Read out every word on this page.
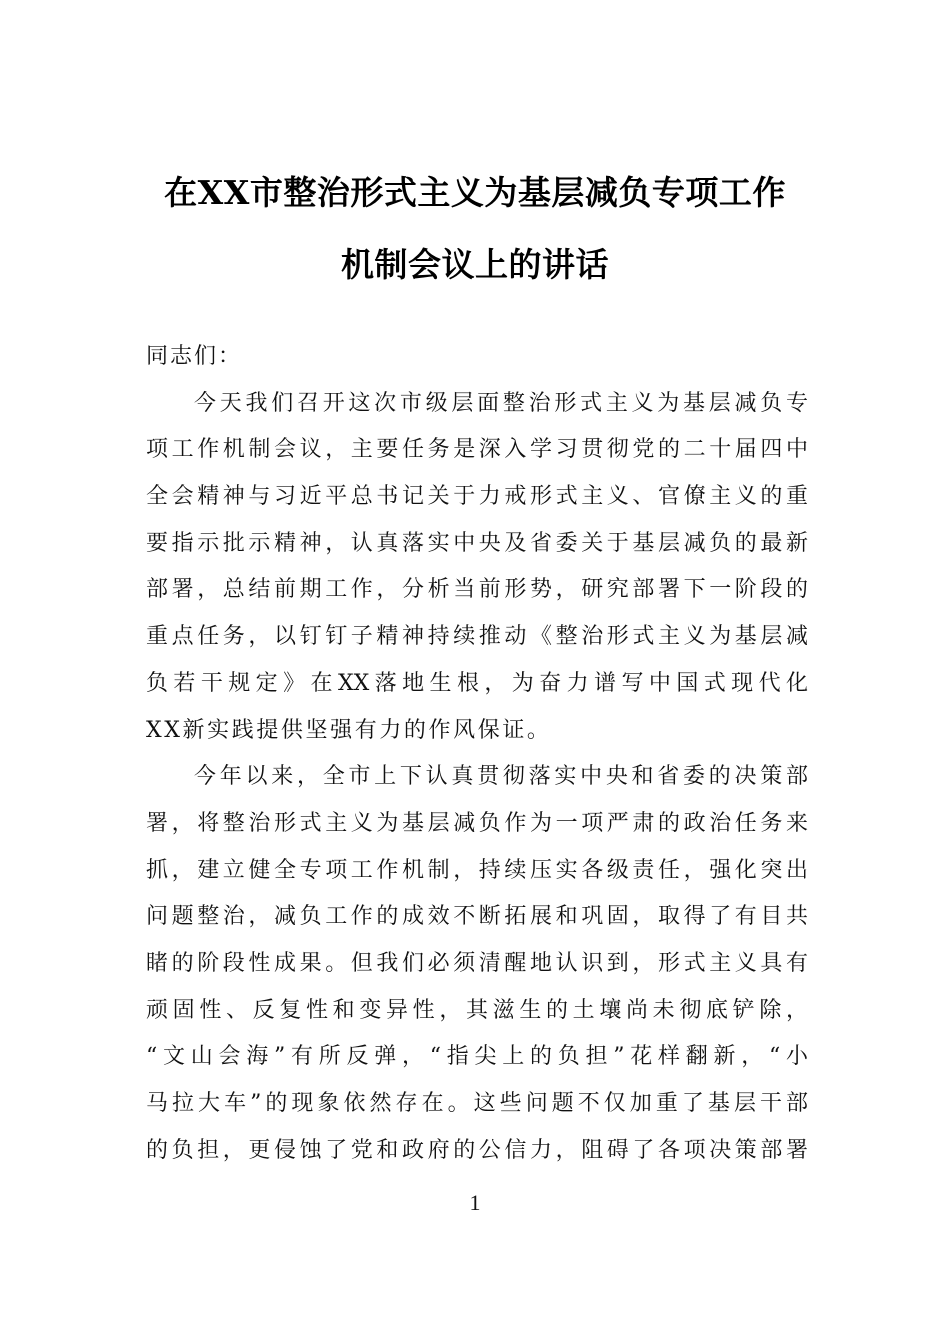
在XX市整治形式主义为基层减负专项工作
机制会议上的讲话
同志们：
今天我们召开这次市级层面整治形式主义为基层减负专
项工作机制会议，主要任务是深入学习贯彻党的二十届四中
全会精神与习近平总书记关于力戒形式主义、官僚主义的重
要指示批示精神，认真落实中央及省委关于基层减负的最新
部署，总结前期工作，分析当前形势，研究部署下一阶段的
重点任务，以钉钉子精神持续推动《整治形式主义为基层减
负若干规定》在XX落地生根，为奋力谱写中国式现代化
XX新实践提供坚强有力的作风保证。
今年以来，全市上下认真贯彻落实中央和省委的决策部
署，将整治形式主义为基层减负作为一项严肃的政治任务来
抓，建立健全专项工作机制，持续压实各级责任，强化突出
问题整治，减负工作的成效不断拓展和巩固，取得了有目共
睹的阶段性成果。但我们必须清醒地认识到，形式主义具有
顽固性、反复性和变异性，其滋生的土壤尚未彻底铲除，
“文山会海”有所反弹，“指尖上的负担”花样翻新，“小
马拉大车”的现象依然存在。这些问题不仅加重了基层干部
的负担，更侵蚀了党和政府的公信力，阻碍了各项决策部署
1
